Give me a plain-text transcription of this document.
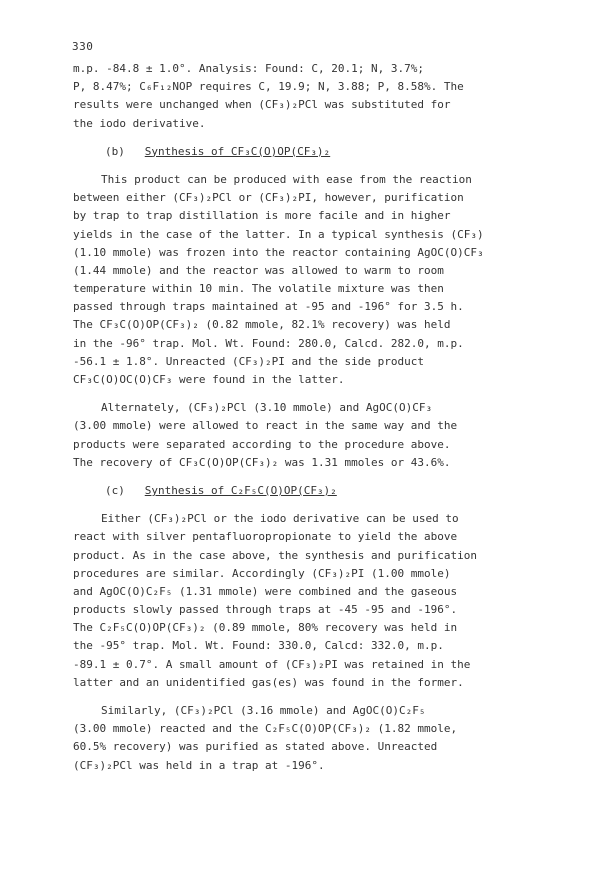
330
m.p. -84.8 ± 1.0°. Analysis: Found: C, 20.1; N, 3.7%;
P, 8.47%; C₆F₁₂NOP requires C, 19.9; N, 3.88; P, 8.58%. The
results were unchanged when (CF₃)₂PCl was substituted for
the iodo derivative.
(b) Synthesis of CF₃C(O)OP(CF₃)₂
This product can be produced with ease from the reaction
between either (CF₃)₂PCl or (CF₃)₂PI, however, purification
by trap to trap distillation is more facile and in higher
yields in the case of the latter. In a typical synthesis (CF₃)
(1.10 mmole) was frozen into the reactor containing AgOC(O)CF₃
(1.44 mmole) and the reactor was allowed to warm to room
temperature within 10 min. The volatile mixture was then
passed through traps maintained at -95 and -196° for 3.5 h.
The CF₃C(O)OP(CF₃)₂ (0.82 mmole, 82.1% recovery) was held
in the -96° trap. Mol. Wt. Found: 280.0, Calcd. 282.0, m.p.
-56.1 ± 1.8°. Unreacted (CF₃)₂PI and the side product
CF₃C(O)OC(O)CF₃ were found in the latter.
Alternately, (CF₃)₂PCl (3.10 mmole) and AgOC(O)CF₃
(3.00 mmole) were allowed to react in the same way and the
products were separated according to the procedure above.
The recovery of CF₃C(O)OP(CF₃)₂ was 1.31 mmoles or 43.6%.
(c) Synthesis of C₂F₅C(O)OP(CF₃)₂
Either (CF₃)₂PCl or the iodo derivative can be used to
react with silver pentafluoropropionate to yield the above
product. As in the case above, the synthesis and purification
procedures are similar. Accordingly (CF₃)₂PI (1.00 mmole)
and AgOC(O)C₂F₅ (1.31 mmole) were combined and the gaseous
products slowly passed through traps at -45 -95 and -196°.
The C₂F₅C(O)OP(CF₃)₂ (0.89 mmole, 80% recovery was held in
the -95° trap. Mol. Wt. Found: 330.0, Calcd: 332.0, m.p.
-89.1 ± 0.7°. A small amount of (CF₃)₂PI was retained in the
latter and an unidentified gas(es) was found in the former.
Similarly, (CF₃)₂PCl (3.16 mmole) and AgOC(O)C₂F₅
(3.00 mmole) reacted and the C₂F₅C(O)OP(CF₃)₂ (1.82 mmole,
60.5% recovery) was purified as stated above. Unreacted
(CF₃)₂PCl was held in a trap at -196°.
